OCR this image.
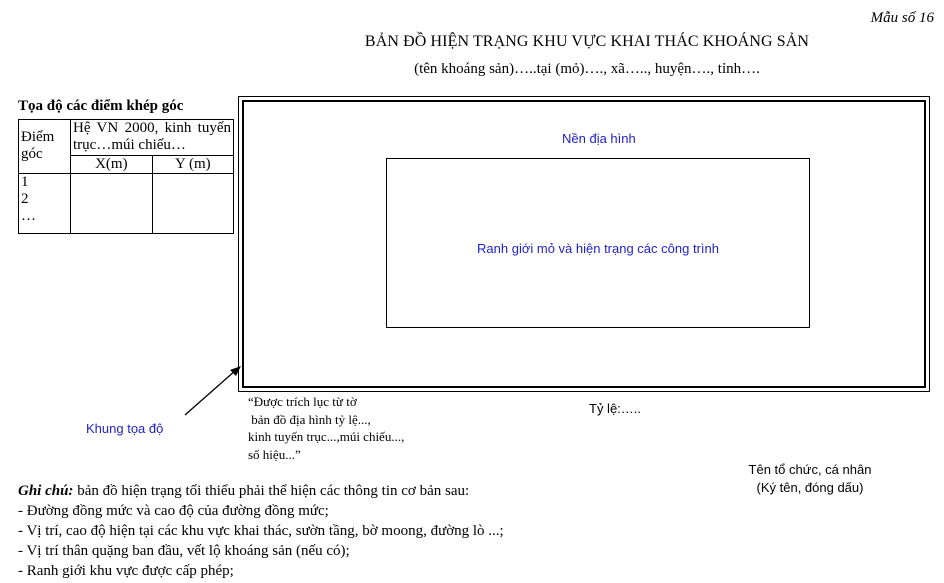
Mẫu số 16
BẢN ĐỒ HIỆN TRẠNG KHU VỰC KHAI THÁC KHOÁNG SẢN
(tên khoáng sản)…..tại (mỏ)…., xã….., huyện…., tỉnh….
Tọa độ các điểm khép góc
Điểm góc	Hệ VN 2000, kinh tuyến trục…múi chiếu…	
	X(m)	Y (m)

1
2
…		

Nền địa hình
Ranh giới mỏ và hiện trạng các công trình
Khung tọa độ
“Được trích lục từ tờ
bản đồ địa hình tỷ lệ...,
kinh tuyến trục...,múi chiếu...,
số hiệu...”
Tỷ lệ:…..
Tên tổ chức, cá nhân
(Ký tên, đóng dấu)
Ghi chú: bản đồ hiện trạng tối thiểu phải thể hiện các thông tin cơ bản sau:
- Đường đồng mức và cao độ của đường đồng mức;
- Vị trí, cao độ hiện tại các khu vực khai thác, sườn tầng, bờ moong, đường lò ...;
- Vị trí thân quặng ban đầu, vết lộ khoáng sản (nếu có);
- Ranh giới khu vực được cấp phép;
